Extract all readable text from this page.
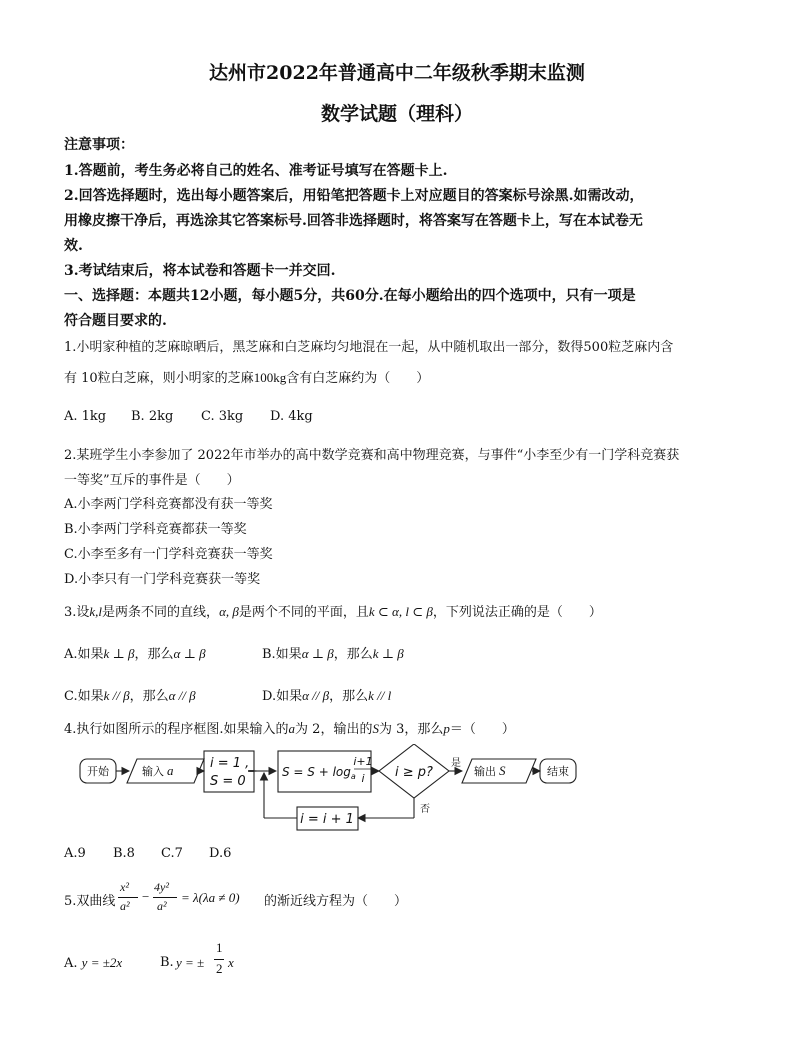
达州市2022年普通高中二年级秋季期末监测
数学试题（理科）
注意事项：
1.答题前，考生务必将自己的姓名、准考证号填写在答题卡上.
2.回答选择题时，选出每小题答案后，用铅笔把答题卡上对应题目的答案标号涂黑.如需改动，
用橡皮擦干净后，再选涂其它答案标号.回答非选择题时，将答案写在答题卡上，写在本试卷无
效.
3.考试结束后，将本试卷和答题卡一并交回.
一、选择题：本题共12小题，每小题5分，共60分.在每小题给出的四个选项中，只有一项是
符合题目要求的.
1.小明家种植的芝麻晾晒后，黑芝麻和白芝麻均匀地混在一起，从中随机取出一部分，数得500粒芝麻内含
有 10粒白芝麻，则小明家的芝麻100kg含有白芝麻约为（　　）
A. 1kg B. 2kg C. 3kg D. 4kg
2.某班学生小李参加了 2022年市举办的高中数学竞赛和高中物理竞赛，与事件“小李至少有一门学科竞赛获
一等奖”互斥的事件是（　　）
A.小李两门学科竞赛都没有获一等奖
B.小李两门学科竞赛都获一等奖
C.小李至多有一门学科竞赛获一等奖
D.小李只有一门学科竞赛获一等奖
3.设k,l是两条不同的直线，α, β是两个不同的平面，且k ⊂ α, l ⊂ β，下列说法正确的是（　　）
A.如果k ⊥ β，那么α ⊥ β	B.如果α ⊥ β，那么k ⊥ β
C.如果k // β，那么α // β	D.如果α // β，那么k // l
4.执行如图所示的程序框图.如果输入的a为 2，输出的S为 3，那么p＝（　　）
开始	输入 a	i = 1 ,
S = 0
$S = S + \log_a$
i+1
i i ≥ p?
是
否
输出 S	结束
i = i + 1
A.9 B.8 C.7 D.6
5.双曲线
x²
a²
−
4y²
a²
= λ(λa ≠ 0) 的渐近线方程为（　　）
A. y = ±2x	B. y = ±
1
2 x
